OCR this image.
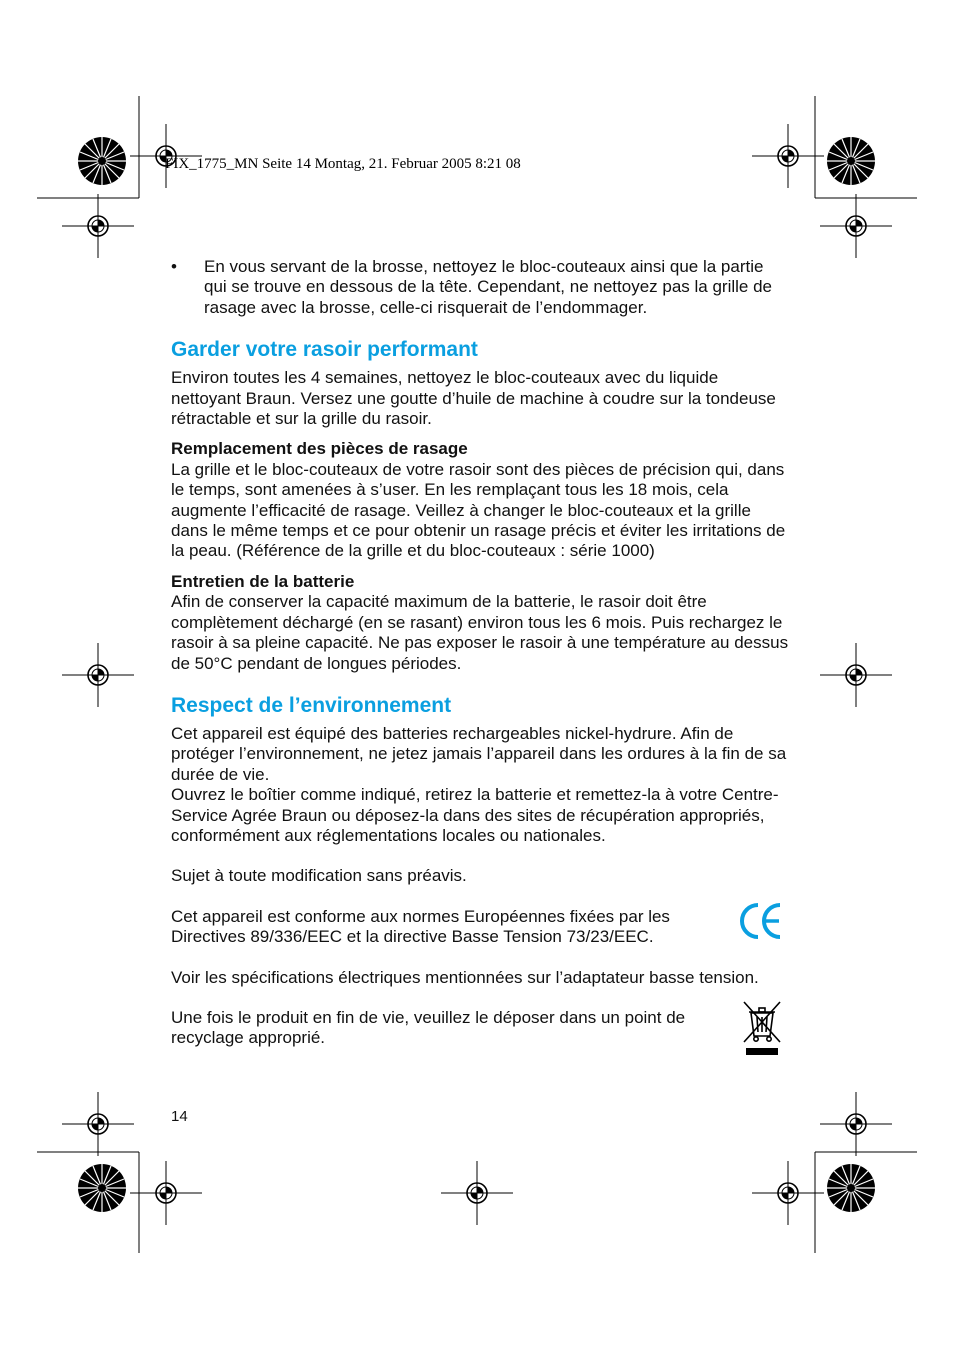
FIX_1775_MN Seite 14 Montag, 21. Februar 2005 8:21 08
• En vous servant de la brosse, nettoyez le bloc-couteaux ainsi que la partie qui se trouve en dessous de la tête. Cependant, ne nettoyez pas la grille de rasage avec la brosse, celle-ci risquerait de l’endommager.
Garder votre rasoir performant

Environ toutes les 4 semaines, nettoyez le bloc-couteaux avec du liquide nettoyant Braun. Versez une goutte d’huile de machine à coudre sur la tondeuse rétractable et sur la grille du rasoir.

Remplacement des pièces de rasage

La grille et le bloc-couteaux de votre rasoir sont des pièces de précision qui, dans le temps, sont amenées à s’user. En les remplaçant tous les 18 mois, cela augmente l’efficacité de rasage. Veillez à changer le bloc-couteaux et la grille dans le même temps et ce pour obtenir un rasage précis et éviter les irritations de la peau. (Référence de la grille et du bloc-couteaux : série 1000)

Entretien de la batterie

Afin de conserver la capacité maximum de la batterie, le rasoir doit être complètement déchargé (en se rasant) environ tous les 6 mois. Puis rechargez le rasoir à sa pleine capacité. Ne pas exposer le rasoir à une température au dessus de 50°C pendant de longues périodes.

Respect de l’environnement

Cet appareil est équipé des batteries rechargeables nickel-hydrure. Afin de protéger l’environnement, ne jetez jamais l’appareil dans les ordures à la fin de sa durée de vie.

Ouvrez le boîtier comme indiqué, retirez la batterie et remettez-la à votre Centre-Service Agrée Braun ou déposez-la dans des sites de récupération appropriés, conformément aux réglementations locales ou nationales.

Sujet à toute modification sans préavis.

Cet appareil est conforme aux normes Européennes fixées par les Directives 89/336/EEC et la directive Basse Tension 73/23/EEC.

Voir les spécifications électriques mentionnées sur l’adaptateur basse tension.

Une fois le produit en fin de vie, veuillez le déposer dans un point de recyclage approprié.

14
